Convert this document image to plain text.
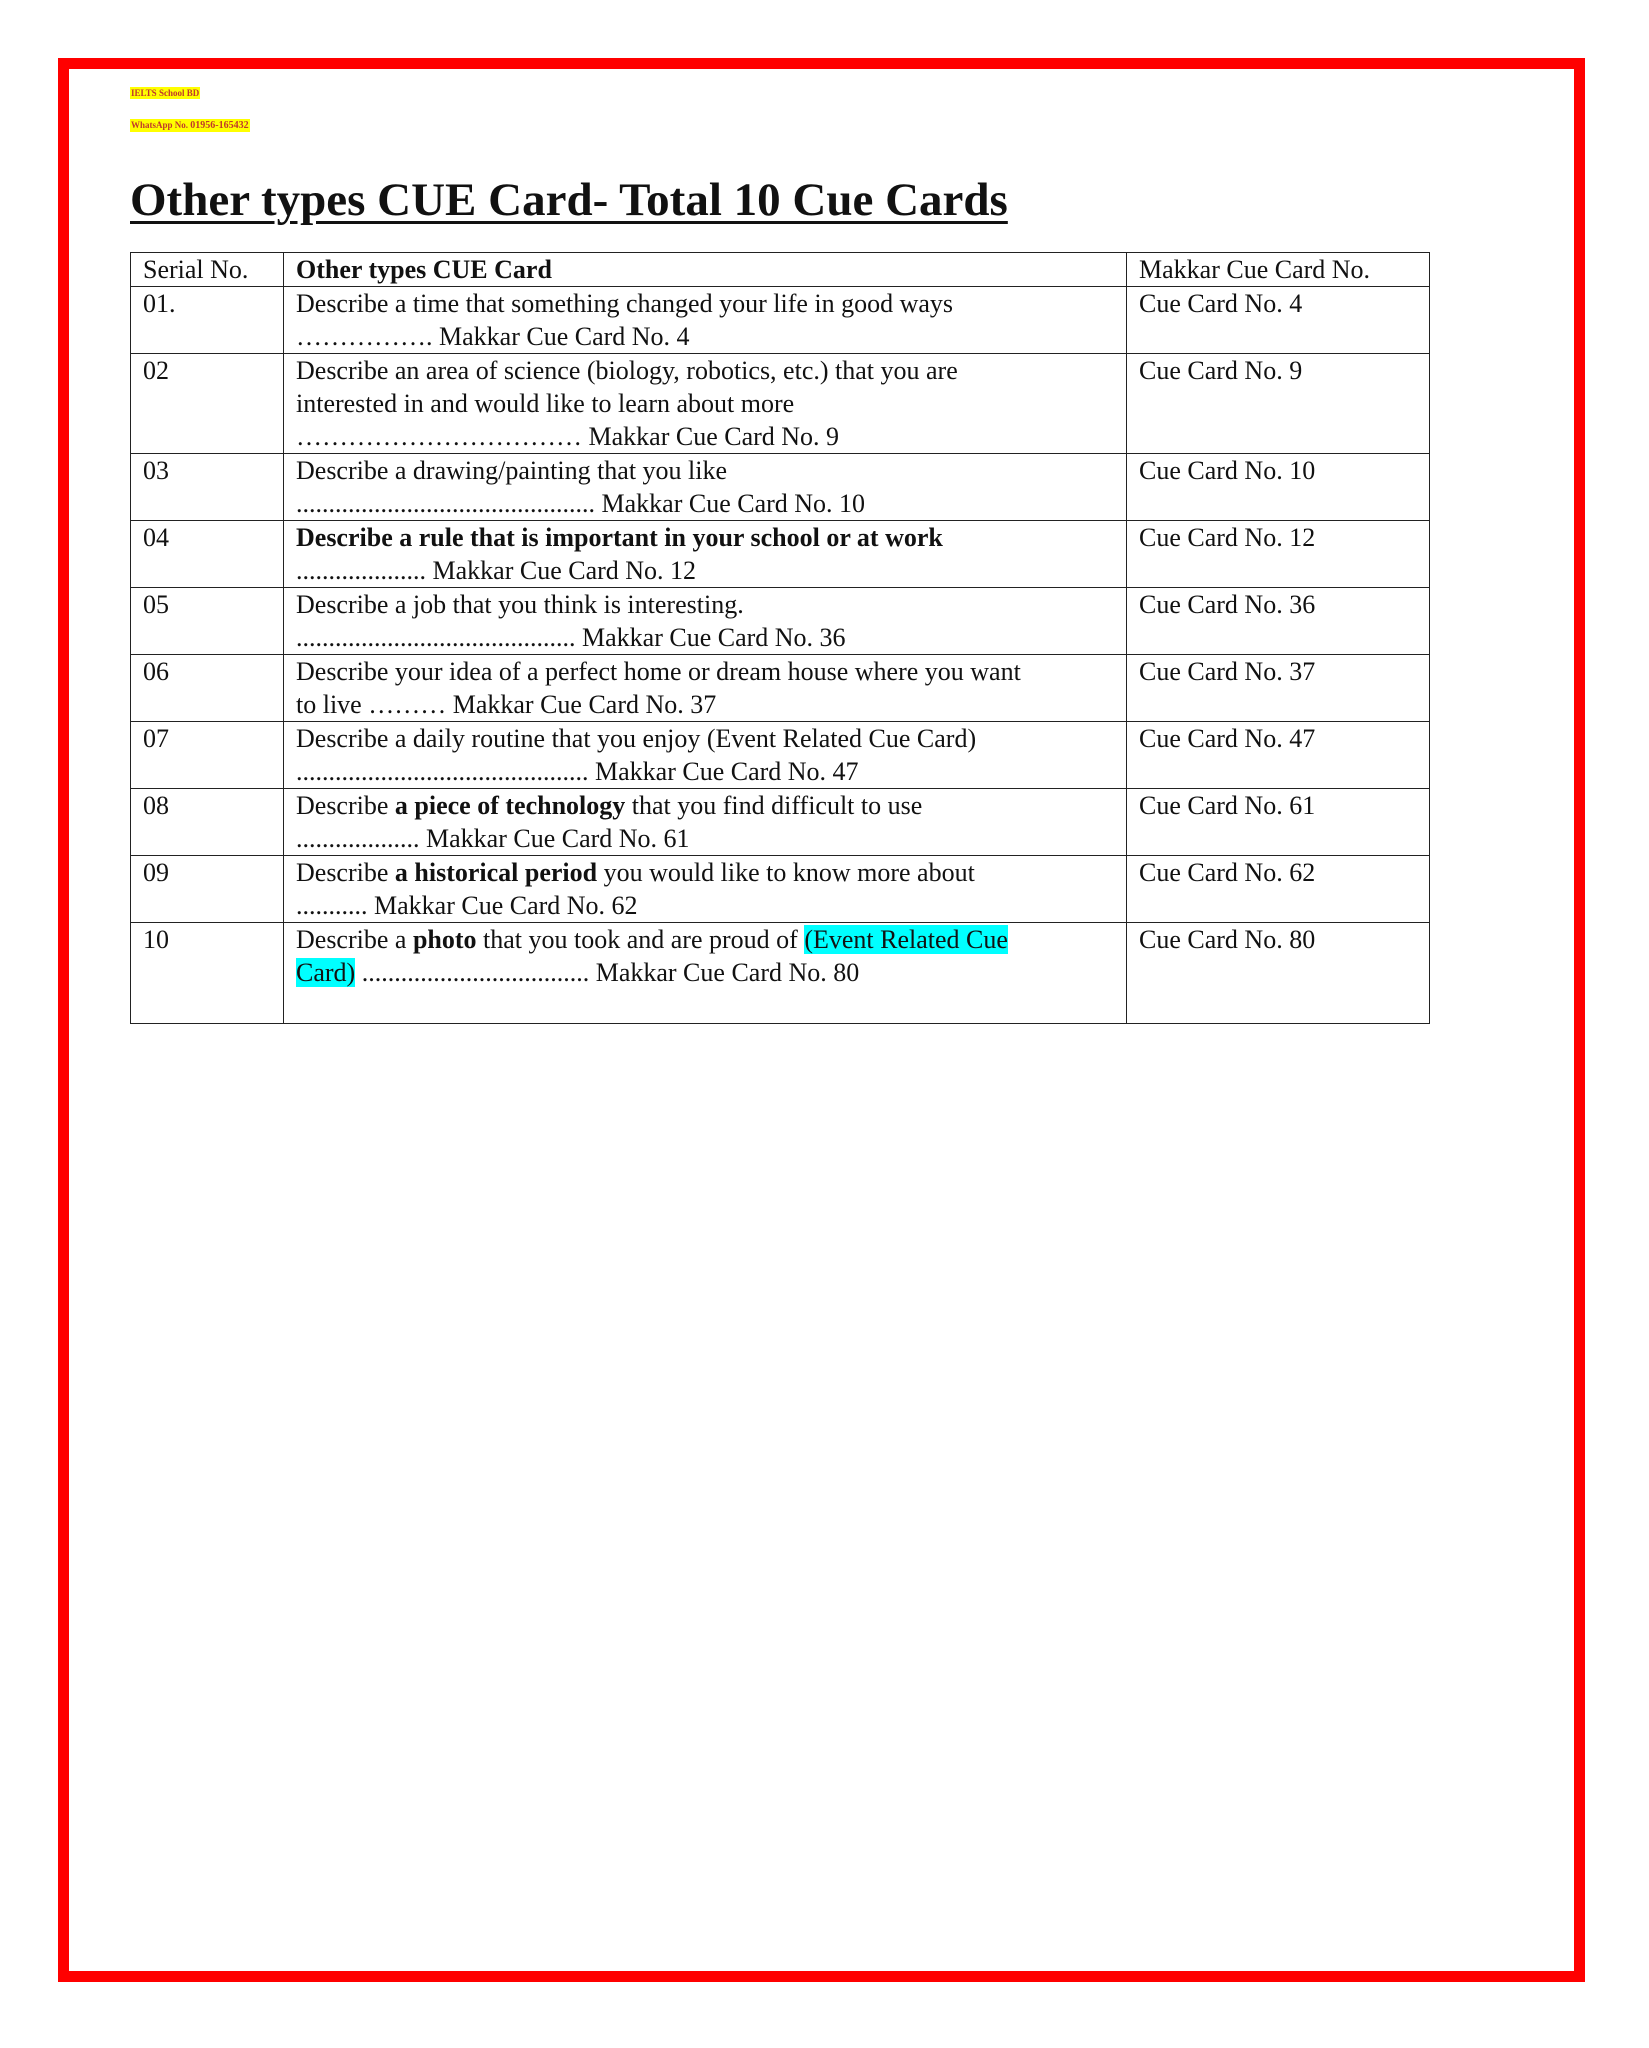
IELTS School BD
WhatsApp No. 01956-165432
Other types CUE Card- Total 10 Cue Cards
Serial No.	Other types CUE Card	Makkar Cue Card No.
01.	Describe a time that something changed your life in good ways
……………. Makkar Cue Card No. 4	Cue Card No. 4
02	Describe an area of science (biology, robotics, etc.) that you are
interested in and would like to learn about more
…………………………… Makkar Cue Card No. 9	Cue Card No. 9
03	Describe a drawing/painting that you like
.............................................. Makkar Cue Card No. 10	Cue Card No. 10
04	Describe a rule that is important in your school or at work
.................... Makkar Cue Card No. 12	Cue Card No. 12
05	Describe a job that you think is interesting.
........................................... Makkar Cue Card No. 36	Cue Card No. 36
06	Describe your idea of a perfect home or dream house where you want
to live ……… Makkar Cue Card No. 37	Cue Card No. 37
07	Describe a daily routine that you enjoy (Event Related Cue Card)
............................................. Makkar Cue Card No. 47	Cue Card No. 47
08	Describe a piece of technology that you find difficult to use
................... Makkar Cue Card No. 61	Cue Card No. 61
09	Describe a historical period you would like to know more about
........... Makkar Cue Card No. 62	Cue Card No. 62
10	Describe a photo that you took and are proud of (Event Related Cue
Card) ................................... Makkar Cue Card No. 80	Cue Card No. 80
